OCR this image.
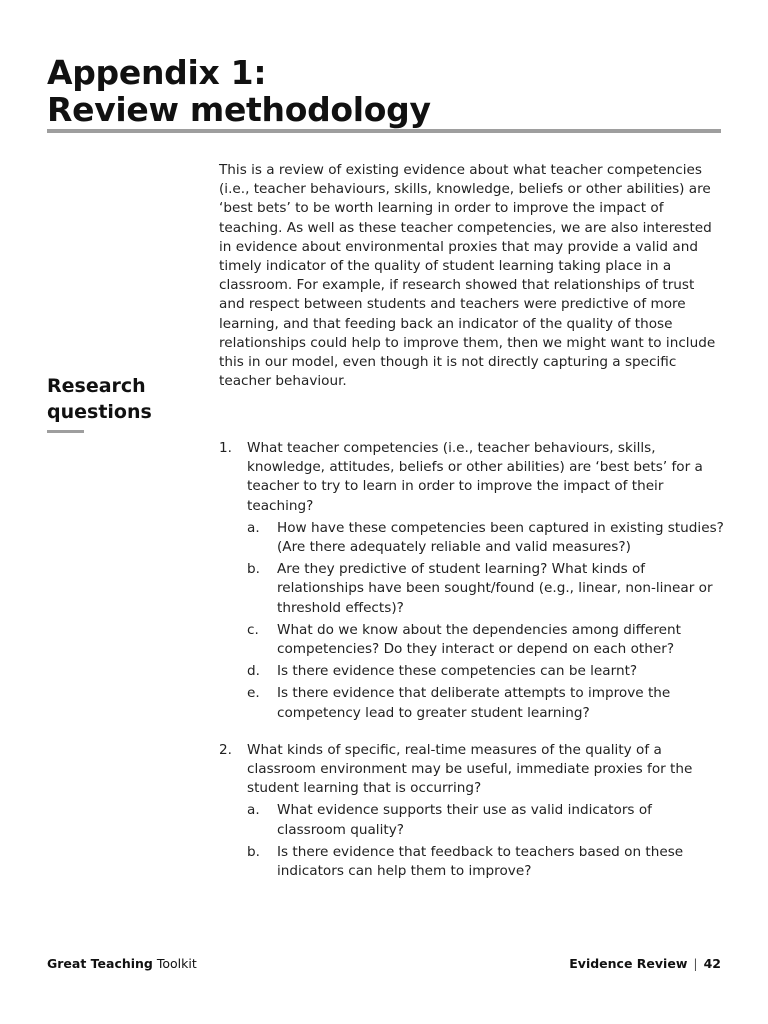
Appendix 1:
Review methodology

This is a review of existing evidence about what teacher competencies (i.e., teacher behaviours, skills, knowledge, beliefs or other abilities) are ‘best bets’ to be worth learning in order to improve the impact of teaching. As well as these teacher competencies, we are also interested in evidence about environmental proxies that may provide a valid and timely indicator of the quality of student learning taking place in a classroom. For example, if research showed that relationships of trust and respect between students and teachers were predictive of more learning, and that feeding back an indicator of the quality of those relationships could help to improve them, then we might want to include this in our model, even though it is not directly capturing a specific teacher behaviour.

Research
questions
1. What teacher competencies (i.e., teacher behaviours, skills, knowledge, attitudes, beliefs or other abilities) are ‘best bets’ for a teacher to try to learn in order to improve the impact of their teaching?
a. How have these competencies been captured in existing studies? (Are there adequately reliable and valid measures?)
b. Are they predictive of student learning? What kinds of relationships have been sought/found (e.g., linear, non-linear or threshold effects)?
c. What do we know about the dependencies among different competencies? Do they interact or depend on each other?
d. Is there evidence these competencies can be learnt?
e. Is there evidence that deliberate attempts to improve the competency lead to greater student learning?
2. What kinds of specific, real-time measures of the quality of a classroom environment may be useful, immediate proxies for the student learning that is occurring?
a. What evidence supports their use as valid indicators of classroom quality?
b. Is there evidence that feedback to teachers based on these indicators can help them to improve?
Great Teaching Toolkit	Evidence Review | 42
